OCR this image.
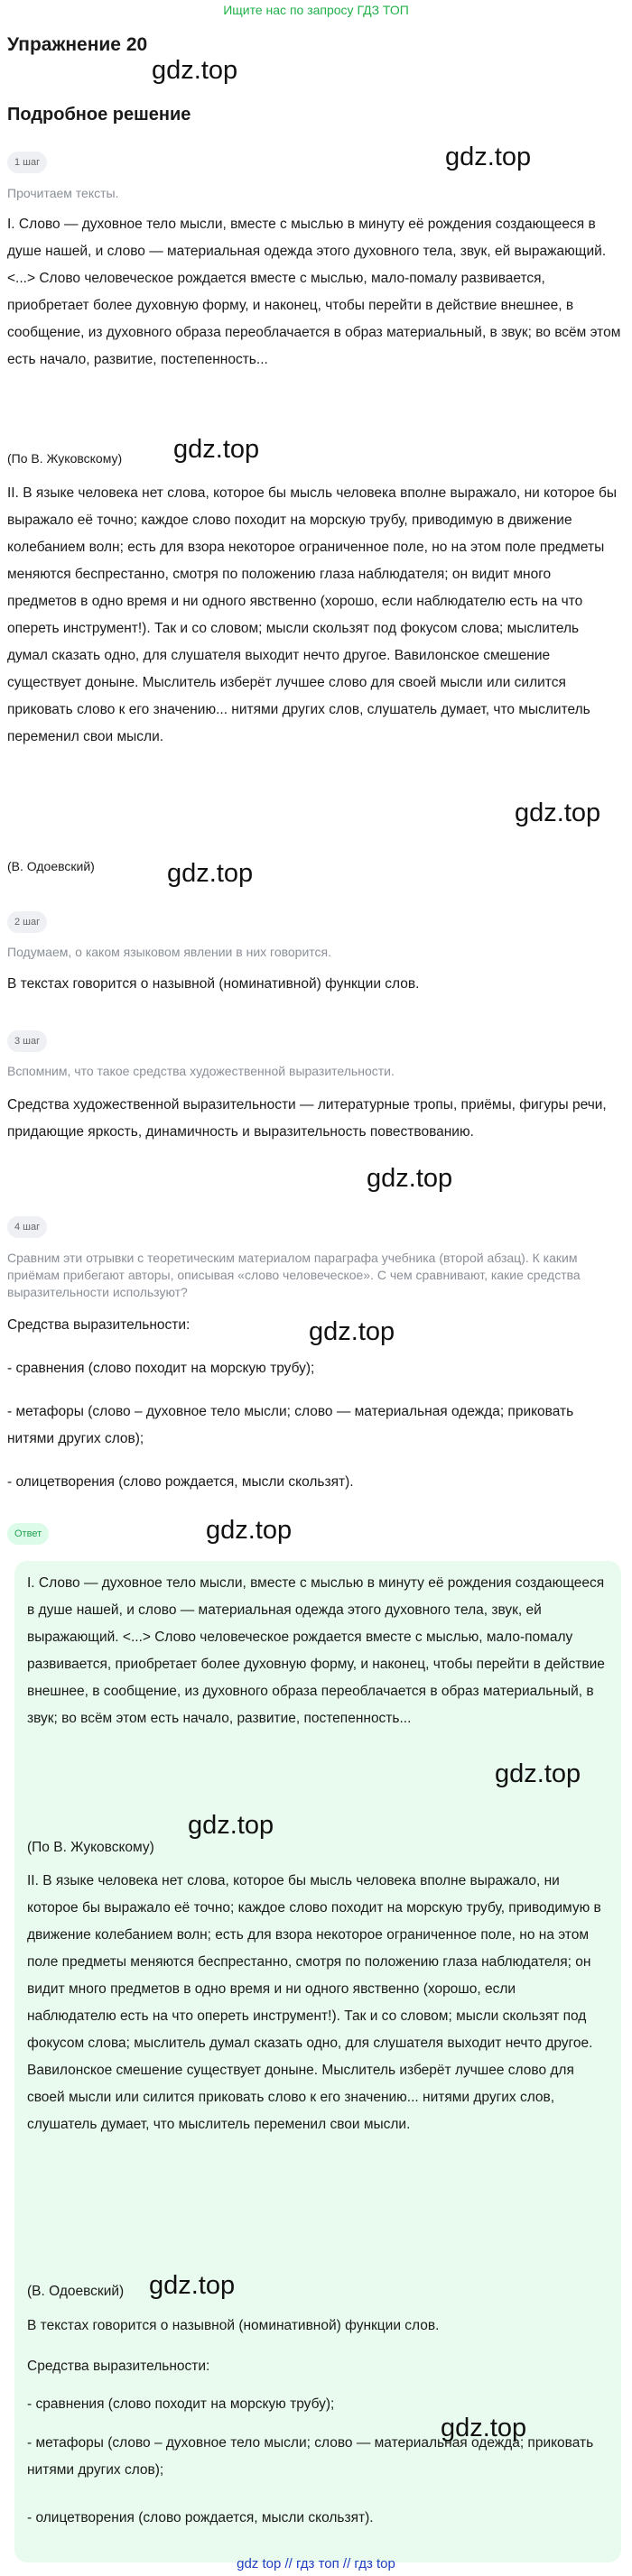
Ищите нас по запросу ГДЗ ТОП
Упражнение 20
Подробное решение
gdz.top
gdz.top
gdz.top
gdz.top
gdz.top
gdz.top
gdz.top
gdz.top
1 шаг
Прочитаем тексты.
I. Слово — духовное тело мысли, вместе с мыслью в минуту её рождения создающееся в душе нашей, и слово — материальная одежда этого духовного тела, звук, ей выражающий. <...> Слово человеческое рождается вместе с мыслью, мало-помалу развивается, приобретает более духовную форму, и наконец, чтобы перейти в действие внешнее, в сообщение, из духовного образа переоблачается в образ материальный, в звук; во всём этом есть начало, развитие, постепенность...
(По В. Жуковскому)
II. В языке человека нет слова, которое бы мысль человека вполне выражало, ни которое бы выражало её точно; каждое слово походит на морскую трубу, приводимую в движение колебанием волн; есть для взора некоторое ограниченное поле, но на этом поле предметы меняются беспрестанно, смотря по положению глаза наблюдателя; он видит много предметов в одно время и ни одного явственно (хорошо, если наблюдателю есть на что опереть инструмент!). Так и со словом; мысли скользят под фокусом слова; мыслитель думал сказать одно, для слушателя выходит нечто другое. Вавилонское смешение существует доныне. Мыслитель изберёт лучшее слово для своей мысли или силится приковать слово к его значению... нитями других слов, слушатель думает, что мыслитель переменил свои мысли.
(В. Одоевский)
2 шаг
Подумаем, о каком языковом явлении в них говорится.
В текстах говорится о назывной (номинативной) функции слов.
3 шаг
Вспомним, что такое средства художественной выразительности.
Средства художественной выразительности — литературные тропы, приёмы, фигуры речи, придающие яркость, динамичность и выразительность повествованию.
4 шаг
Сравним эти отрывки с теоретическим материалом параграфа учебника (второй абзац). К каким приёмам прибегают авторы, описывая «слово человеческое». С чем сравнивают, какие средства выразительности используют?
Средства выразительности:
- сравнения (слово походит на морскую трубу);
- метафоры (слово – духовное тело мысли; слово — материальная одежда; приковать нитями других слов);
- олицетворения (слово рождается, мысли скользят).
Ответ
I. Слово — духовное тело мысли, вместе с мыслью в минуту её рождения создающееся в душе нашей, и слово — материальная одежда этого духовного тела, звук, ей выражающий. <...> Слово человеческое рождается вместе с мыслью, мало-помалу развивается, приобретает более духовную форму, и наконец, чтобы перейти в действие внешнее, в сообщение, из духовного образа переоблачается в образ материальный, в звук; во всём этом есть начало, развитие, постепенность...
(По В. Жуковскому)
II. В языке человека нет слова, которое бы мысль человека вполне выражало, ни которое бы выражало её точно; каждое слово походит на морскую трубу, приводимую в движение колебанием волн; есть для взора некоторое ограниченное поле, но на этом поле предметы меняются беспрестанно, смотря по положению глаза наблюдателя; он видит много предметов в одно время и ни одного явственно (хорошо, если наблюдателю есть на что опереть инструмент!). Так и со словом; мысли скользят под фокусом слова; мыслитель думал сказать одно, для слушателя выходит нечто другое. Вавилонское смешение существует доныне. Мыслитель изберёт лучшее слово для своей мысли или силится приковать слово к его значению... нитями других слов, слушатель думает, что мыслитель переменил свои мысли.
(В. Одоевский)
В текстах говорится о назывной (номинативной) функции слов.
Средства выразительности:
- сравнения (слово походит на морскую трубу);
- метафоры (слово – духовное тело мысли; слово — материальная одежда; приковать нитями других слов);
- олицетворения (слово рождается, мысли скользят).
gdz.top
gdz.top
gdz.top
gdz.top
gdz top // гдз топ // гдз top
